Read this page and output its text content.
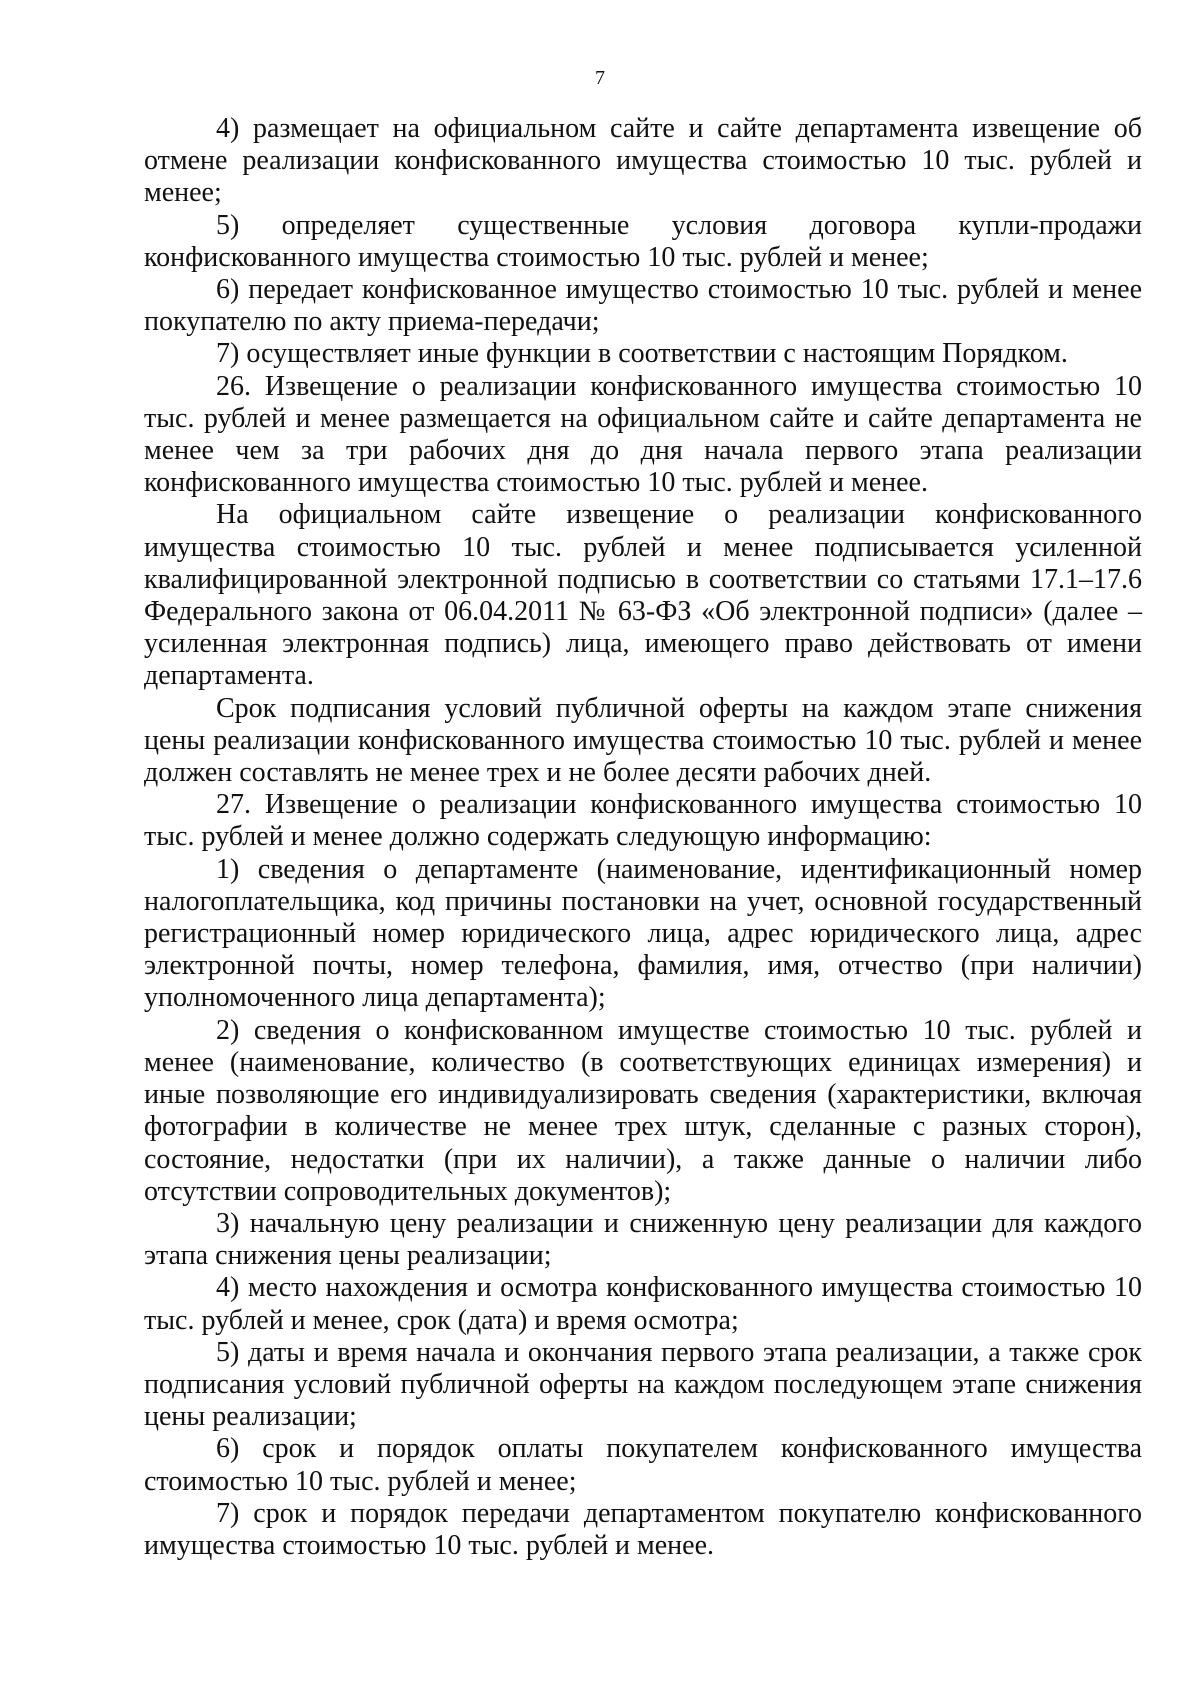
7

4) размещает на официальном сайте и сайте департамента извещение об отмене реализации конфискованного имущества стоимостью 10 тыс. рублей и менее;

5) определяет существенные условия договора купли-продажи конфискованного имущества стоимостью 10 тыс. рублей и менее;

6) передает конфискованное имущество стоимостью 10 тыс. рублей и менее покупателю по акту приема-передачи;

7) осуществляет иные функции в соответствии с настоящим Порядком.

26. Извещение о реализации конфискованного имущества стоимостью 10 тыс. рублей и менее размещается на официальном сайте и сайте департамента не менее чем за три рабочих дня до дня начала первого этапа реализации конфискованного имущества стоимостью 10 тыс. рублей и менее.

На официальном сайте извещение о реализации конфискованного имущества стоимостью 10 тыс. рублей и менее подписывается усиленной квалифицированной электронной подписью в соответствии со статьями 17.1–17.6 Федерального закона от 06.04.2011 № 63-ФЗ «Об электронной подписи» (далее – усиленная электронная подпись) лица, имеющего право действовать от имени департамента.

Срок подписания условий публичной оферты на каждом этапе снижения цены реализации конфискованного имущества стоимостью 10 тыс. рублей и менее должен составлять не менее трех и не более десяти рабочих дней.

27. Извещение о реализации конфискованного имущества стоимостью 10 тыс. рублей и менее должно содержать следующую информацию:

1) сведения о департаменте (наименование, идентификационный номер налогоплательщика, код причины постановки на учет, основной государственный регистрационный номер юридического лица, адрес юридического лица, адрес электронной почты, номер телефона, фамилия, имя, отчество (при наличии) уполномоченного лица департамента);

2) сведения о конфискованном имуществе стоимостью 10 тыс. рублей и менее (наименование, количество (в соответствующих единицах измерения) и иные позволяющие его индивидуализировать сведения (характеристики, включая фотографии в количестве не менее трех штук, сделанные с разных сторон), состояние, недостатки (при их наличии), а также данные о наличии либо отсутствии сопроводительных документов);

3) начальную цену реализации и сниженную цену реализации для каждого этапа снижения цены реализации;

4) место нахождения и осмотра конфискованного имущества стоимостью 10 тыс. рублей и менее, срок (дата) и время осмотра;

5) даты и время начала и окончания первого этапа реализации, а также срок подписания условий публичной оферты на каждом последующем этапе снижения цены реализации;

6) срок и порядок оплаты покупателем конфискованного имущества стоимостью 10 тыс. рублей и менее;

7) срок и порядок передачи департаментом покупателю конфискованного имущества стоимостью 10 тыс. рублей и менее.
